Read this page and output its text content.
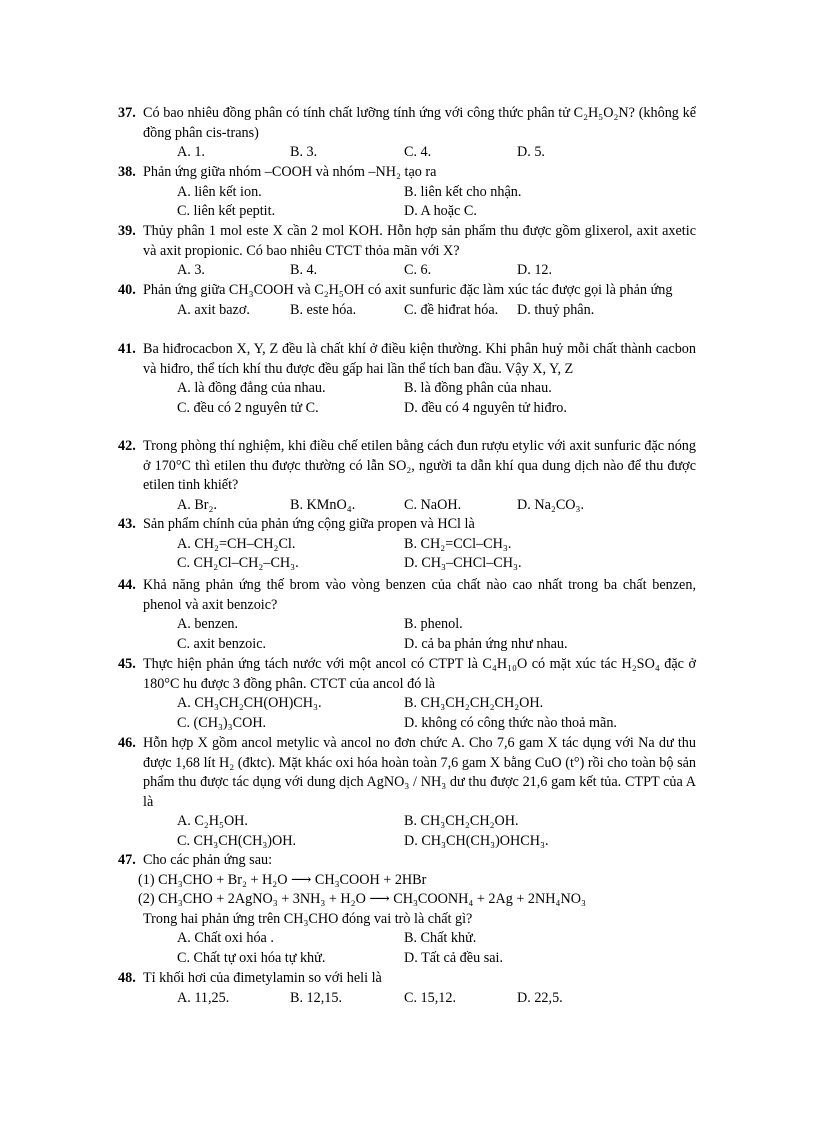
37. Có bao nhiêu đồng phân có tính chất lưỡng tính ứng với công thức phân tử C₂H₅O₂N? (không kể đồng phân cis-trans)
A. 1.	B. 3.	C. 4.	D. 5.
38. Phản ứng giữa nhóm –COOH và nhóm –NH₂ tạo ra
A. liên kết ion.	B. liên kết cho nhận.
C. liên kết peptit.	D. A hoặc C.
39. Thủy phân 1 mol este X cần 2 mol KOH. Hỗn hợp sản phẩm thu được gồm glixerol, axit axetic và axit propionic. Có bao nhiêu CTCT thỏa mãn với X?
A. 3.	B. 4.	C. 6.	D. 12.
40. Phản ứng giữa CH₃COOH và C₂H₅OH có axit sunfuric đặc làm xúc tác được gọi là phản ứng
A. axit bazơ.	B. este hóa.	C. đề hiđrat hóa. D. thuỷ phân.
41. Ba hiđrocacbon X, Y, Z đều là chất khí ở điều kiện thường. Khi phân huỷ mỗi chất thành cacbon và hiđro, thể tích khí thu được đều gấp hai lần thể tích ban đầu. Vậy X, Y, Z
A. là đồng đẳng của nhau.	B. là đồng phân của nhau.
C. đều có 2 nguyên tử C.	D. đều có 4 nguyên tử hiđro.
42. Trong phòng thí nghiệm, khi điều chế etilen bằng cách đun rượu etylic với axit sunfuric đặc nóng ở 170°C thì etilen thu được thường có lẫn SO₂, người ta dẫn khí qua dung dịch nào để thu được etilen tinh khiết?
A. Br₂.	B. KMnO₄.	C. NaOH.	D. Na₂CO₃.
43. Sản phẩm chính của phản ứng cộng giữa propen và HCl là
A. CH₂=CH–CH₂Cl.	B. CH₂=CCl–CH₃.
C. CH₂Cl–CH₂–CH₃.	D. CH₃–CHCl–CH₃.
44. Khả năng phản ứng thế brom vào vòng benzen của chất nào cao nhất trong ba chất benzen, phenol và axit benzoic?
A. benzen.	B. phenol.
C. axit benzoic.	D. cả ba phản ứng như nhau.
45. Thực hiện phản ứng tách nước với một ancol có CTPT là C₄H₁₀O có mặt xúc tác H₂SO₄ đặc ở 180°C hu được 3 đồng phân. CTCT của ancol đó là
A. CH₃CH₂CH(OH)CH₃.	B. CH₃CH₂CH₂CH₂OH.
C. (CH₃)₃COH.	D. không có công thức nào thoả mãn.
46. Hỗn hợp X gồm ancol metylic và ancol no đơn chức A. Cho 7,6 gam X tác dụng với Na dư thu được 1,68 lít H₂ (đktc). Mặt khác oxi hóa hoàn toàn 7,6 gam X bằng CuO (t°) rồi cho toàn bộ sản phẩm thu được tác dụng với dung dịch AgNO₃ / NH₃ dư thu được 21,6 gam kết tủa. CTPT của A là
A. C₂H₅OH.	B. CH₃CH₂CH₂OH.
C. CH₃CH(CH₃)OH.	D. CH₃CH(CH₃)OHCH₃.
47. Cho các phản ứng sau:
(1) CH₃CHO + Br₂ + H₂O ⟶ CH₃COOH + 2HBr
(2) CH₃CHO + 2AgNO₃ + 3NH₃ + H₂O ⟶ CH₃COONH₄ + 2Ag + 2NH₄NO₃
Trong hai phản ứng trên CH₃CHO đóng vai trò là chất gì?
A. Chất oxi hóa .	B. Chất khử.
C. Chất tự oxi hóa tự khử.	D. Tất cả đều sai.
48. Tỉ khối hơi của đimetylamin so với heli là
A. 11,25.	B. 12,15.	C. 15,12.	D. 22,5.
